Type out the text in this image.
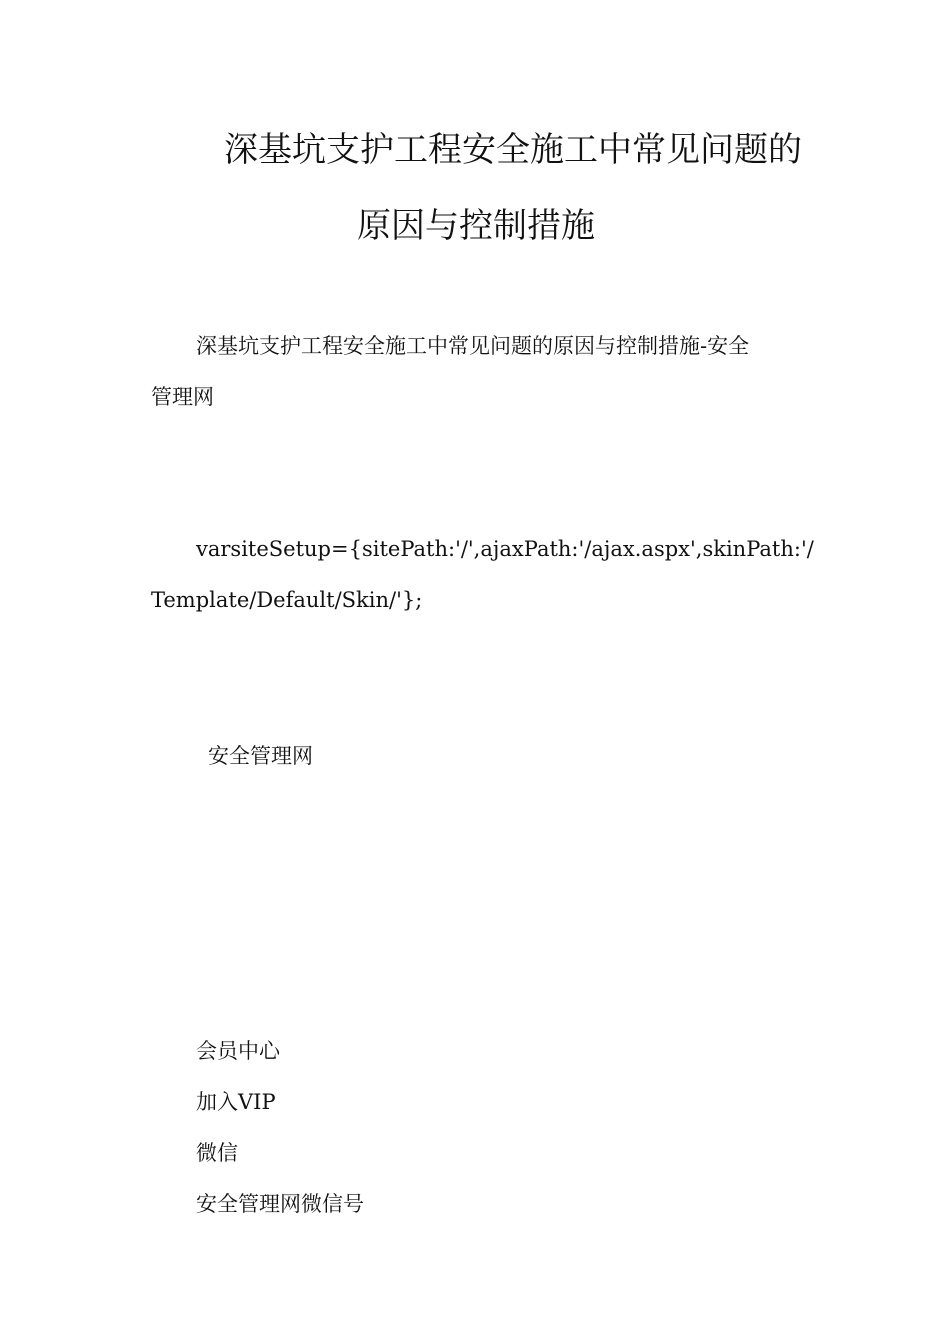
深基坑支护工程安全施工中常见问题的
原因与控制措施
深基坑支护工程安全施工中常见问题的原因与控制措施-安全
管理网
varsiteSetup={sitePath:'/',ajaxPath:'/ajax.aspx',skinPath:'/
Template/Default/Skin/'};
安全管理网
会员中心
加入VIP
微信
安全管理网微信号
